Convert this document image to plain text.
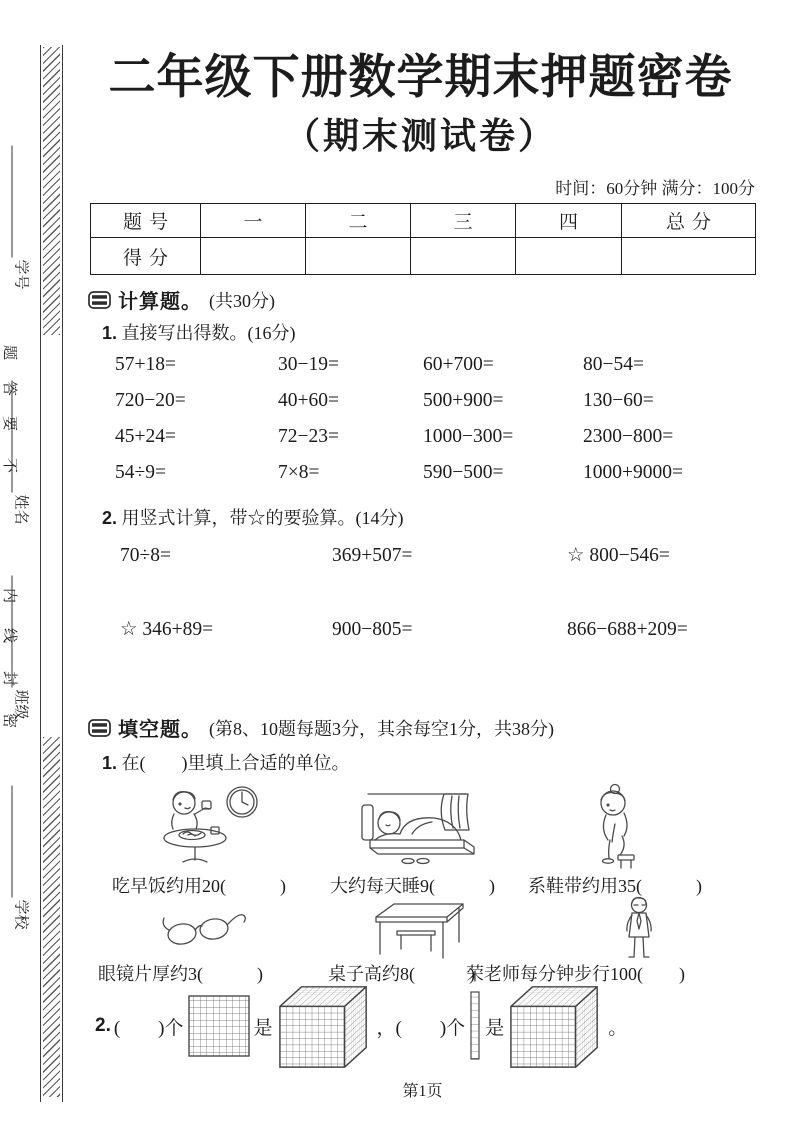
题
答
要
不
内
线
封
密
学号
姓名
班级
学校
二年级下册数学期末押题密卷
（期末测试卷）
时间：60分钟 满分：100分
题号	一	二	三	四	总分
得分					
计算题。 (共30分)
1. 直接写出得数。(16分)
57+18=	30−19=	60+700=	80−54=
720−20=	40+60=	500+900=	130−60=
45+24=	72−23=	1000−300=	2300−800=
54÷9=	7×8=	590−500=	1000+9000=
2. 用竖式计算，带☆的要验算。(14分)
70÷8=	369+507=	☆ 800−546=
☆ 346+89=	900−805=	866−688+209=
填空题。 (第8、10题每题3分，其余每空1分，共38分)
1. 在(　　)里填上合适的单位。
吃早饭约用20(　　　) 大约每天睡9(　　　) 系鞋带约用35(　　　)
眼镜片厚约3(　　　)	桌子高约8(　　　)
荣老师每分钟步行100(　　)
2. (　　)个	是	，(　　)个 是	。
第1页
